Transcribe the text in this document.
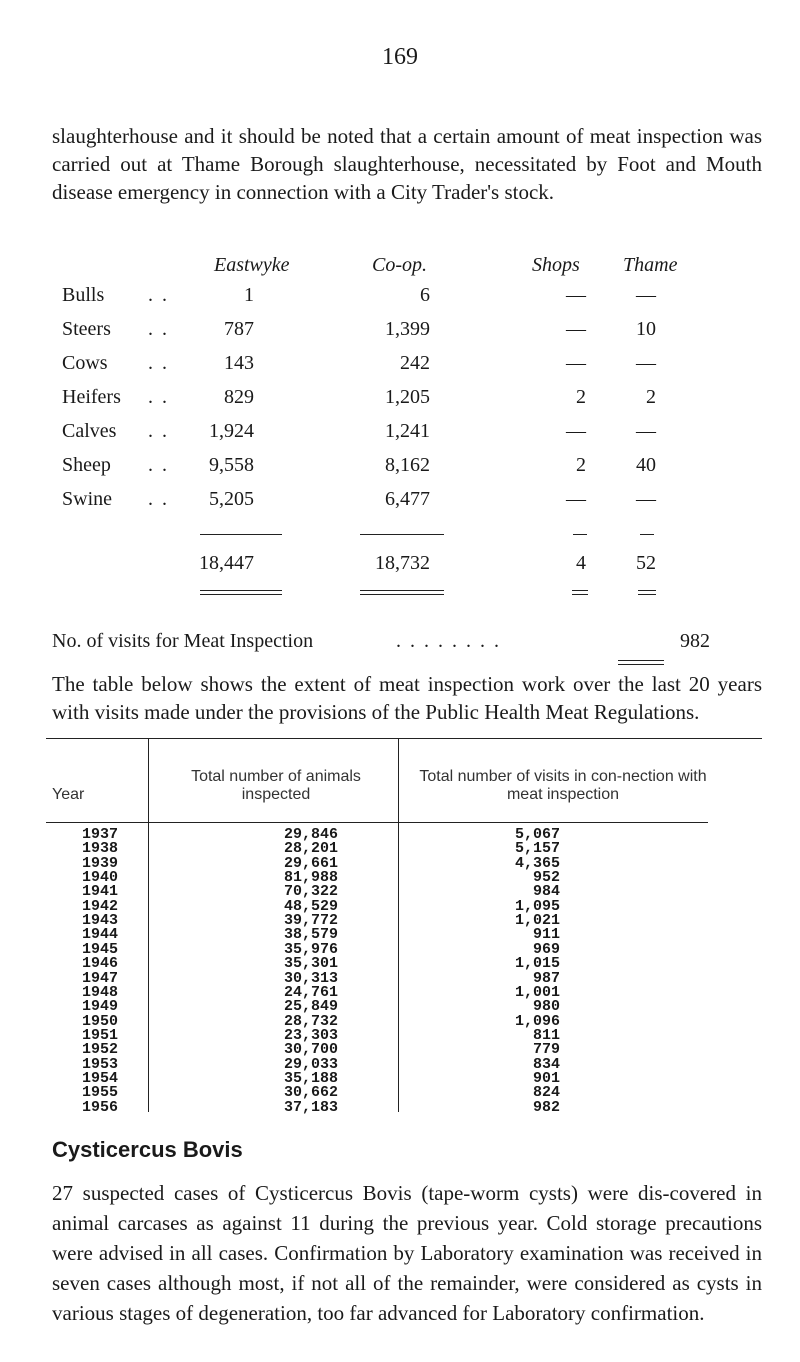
169

slaughterhouse and it should be noted that a certain amount of meat inspection was carried out at Thame Borough slaughterhouse, necessitated by Foot and Mouth disease emergency in connection with a City Trader's stock.

Eastwyke	Co-op.	Shops Thame
Bulls . .	1	6	—	—
Steers . .	787	1,399	—	10
Cows . .	143	242	—	—
Heifers . .	829	1,205	2	2
Calves . .	1,924	1,241	—	—
Sheep . .	9,558	8,162	2	40
Swine . .	5,205	6,477	—	—
18,447	18,732	4	52
No. of visits for Meat Inspection	. . . . . . . .	982

The table below shows the extent of meat inspection work over the last 20 years with visits made under the provisions of the Public Health Meat Regulations.

Year
Total number of animals inspected
Total number of visits in con-nection with meat inspection
1937	29,846	5,067
1938	28,201	5,157
1939	29,661	4,365
1940	81,988	952
1941	70,322	984
1942	48,529	1,095
1943	39,772	1,021
1944	38,579	911
1945	35,976	969
1946	35,301	1,015
1947	30,313	987
1948	24,761	1,001
1949	25,849	980
1950	28,732	1,096
1951	23,303	811
1952	30,700	779
1953	29,033	834
1954	35,188	901
1955	30,662	824
1956	37,183	982
Cysticercus Bovis

27 suspected cases of Cysticercus Bovis (tape-worm cysts) were dis-covered in animal carcases as against 11 during the previous year. Cold storage precautions were advised in all cases. Confirmation by Laboratory examination was received in seven cases although most, if not all of the remainder, were considered as cysts in various stages of degeneration, too far advanced for Laboratory confirmation.
